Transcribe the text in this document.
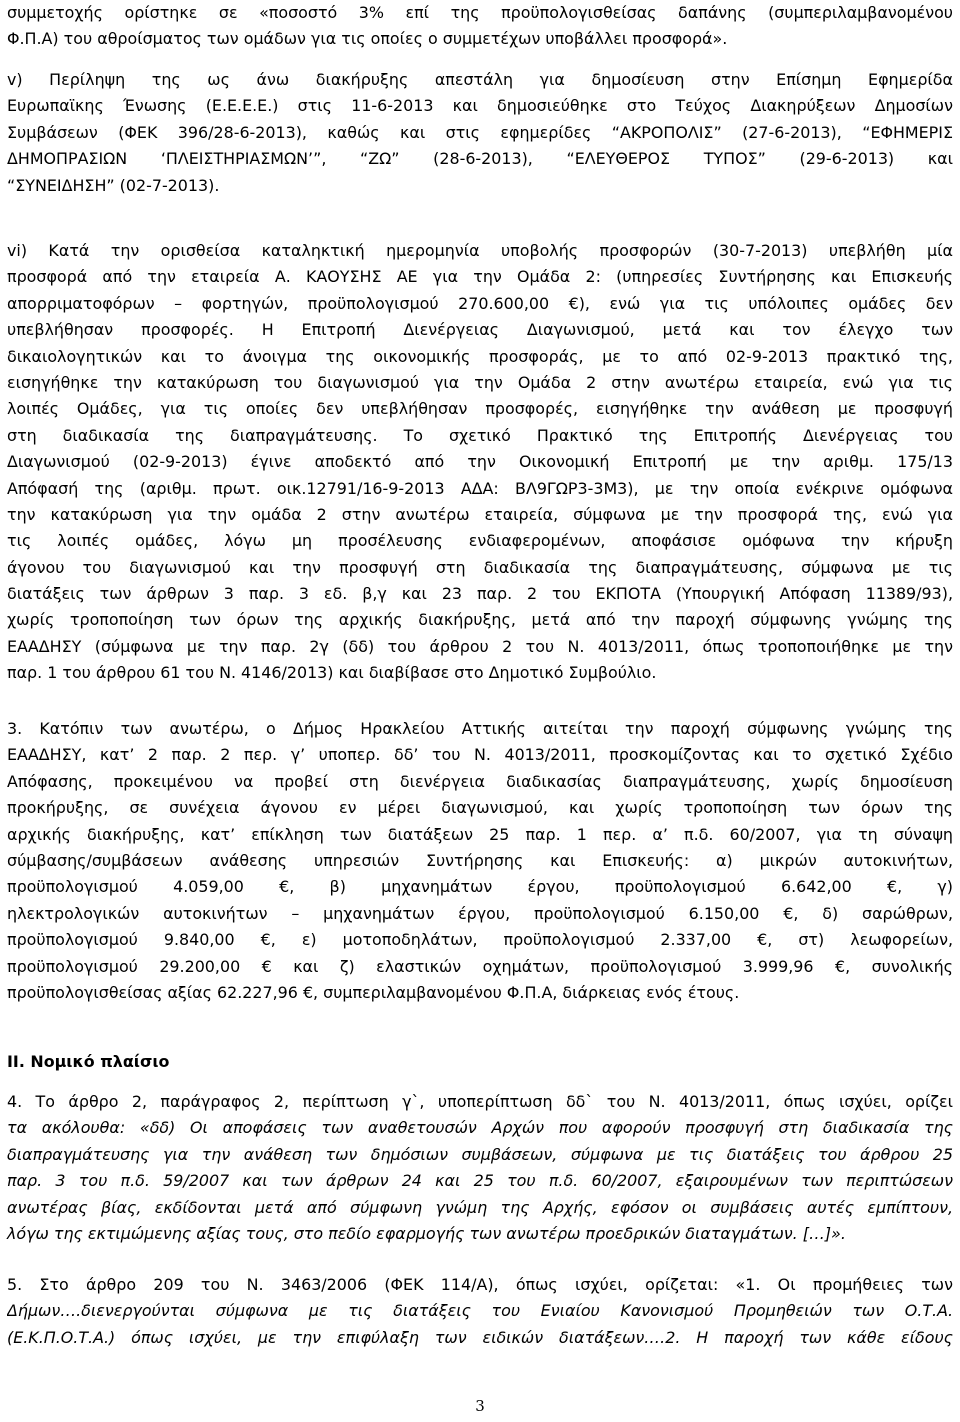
συμμετοχής ορίστηκε σε «ποσοστό 3% επί της προϋπολογισθείσας δαπάνης (συμπεριλαμβανομένου
Φ.Π.Α) του αθροίσματος των ομάδων για τις οποίες ο συμμετέχων υποβάλλει προσφορά».
v) Περίληψη της ως άνω διακήρυξης απεστάλη για δημοσίευση στην Επίσημη Εφημερίδα
Ευρωπαϊκης Ένωσης (Ε.Ε.Ε.Ε.) στις 11-6-2013 και δημοσιεύθηκε στο Τεύχος Διακηρύξεων Δημοσίων
Συμβάσεων (ΦΕΚ 396/28-6-2013), καθώς και στις εφημερίδες “ΑΚΡΟΠΟΛΙΣ” (27-6-2013), “ΕΦΗΜΕΡΙΣ
ΔΗΜΟΠΡΑΣΙΩΝ ‘ΠΛΕΙΣΤΗΡΙΑΣΜΩΝ’”, “ΖΩ” (28-6-2013), “ΕΛΕΥΘΕΡΟΣ ΤΥΠΟΣ” (29-6-2013) και
“ΣΥΝΕΙΔΗΣΗ” (02-7-2013).
vi) Κατά την ορισθείσα καταληκτική ημερομηνία υποβολής προσφορών (30-7-2013) υπεβλήθη μία
προσφορά από την εταιρεία Α. ΚΑΟΥΣΗΣ ΑΕ για την Ομάδα 2: (υπηρεσίες Συντήρησης και Επισκευής
απορριματοφόρων – φορτηγών, προϋπολογισμού 270.600,00 €), ενώ για τις υπόλοιπες ομάδες δεν
υπεβλήθησαν προσφορές. Η Επιτροπή Διενέργειας Διαγωνισμού, μετά και τον έλεγχο των
δικαιολογητικών και το άνοιγμα της οικονομικής προσφοράς, με το από 02-9-2013 πρακτικό της,
εισηγήθηκε την κατακύρωση του διαγωνισμού για την Ομάδα 2 στην ανωτέρω εταιρεία, ενώ για τις
λοιπές Ομάδες, για τις οποίες δεν υπεβλήθησαν προσφορές, εισηγήθηκε την ανάθεση με προσφυγή
στη διαδικασία της διαπραγμάτευσης. Το σχετικό Πρακτικό της Επιτροπής Διενέργειας του
Διαγωνισμού (02-9-2013) έγινε αποδεκτό από την Οικονομική Επιτροπή με την αριθμ. 175/13
Απόφασή της (αριθμ. πρωτ. οικ.12791/16-9-2013 ΑΔΑ: ΒΛ9ΓΩΡ3-3Μ3), με την οποία ενέκρινε ομόφωνα
την κατακύρωση για την ομάδα 2 στην ανωτέρω εταιρεία, σύμφωνα με την προσφορά της, ενώ για
τις λοιπές ομάδες, λόγω μη προσέλευσης ενδιαφερομένων, αποφάσισε ομόφωνα την κήρυξη
άγονου του διαγωνισμού και την προσφυγή στη διαδικασία της διαπραγμάτευσης, σύμφωνα με τις
διατάξεις των άρθρων 3 παρ. 3 εδ. β,γ και 23 παρ. 2 του ΕΚΠΟΤΑ (Υπουργική Απόφαση 11389/93),
χωρίς τροποποίηση των όρων της αρχικής διακήρυξης, μετά από την παροχή σύμφωνης γνώμης της
ΕΑΑΔΗΣΥ (σύμφωνα με την παρ. 2γ (δδ) του άρθρου 2 του Ν. 4013/2011, όπως τροποποιήθηκε με την
παρ. 1 του άρθρου 61 του Ν. 4146/2013) και διαβίβασε στο Δημοτικό Συμβούλιο.
3. Κατόπιν των ανωτέρω, ο Δήμος Ηρακλείου Αττικής αιτείται την παροχή σύμφωνης γνώμης της
ΕΑΑΔΗΣΥ, κατ’ 2 παρ. 2 περ. γ’ υποπερ. δδ’ του Ν. 4013/2011, προσκομίζοντας και το σχετικό Σχέδιο
Απόφασης, προκειμένου να προβεί στη διενέργεια διαδικασίας διαπραγμάτευσης, χωρίς δημοσίευση
προκήρυξης, σε συνέχεια άγονου εν μέρει διαγωνισμού, και χωρίς τροποποίηση των όρων της
αρχικής διακήρυξης, κατ’ επίκληση των διατάξεων 25 παρ. 1 περ. α’ π.δ. 60/2007, για τη σύναψη
σύμβασης/συμβάσεων ανάθεσης υπηρεσιών Συντήρησης και Επισκευής: α) μικρών αυτοκινήτων,
προϋπολογισμού 4.059,00 €, β) μηχανημάτων έργου, προϋπολογισμού 6.642,00 €, γ)
ηλεκτρολογικών αυτοκινήτων – μηχανημάτων έργου, προϋπολογισμού 6.150,00 €, δ) σαρώθρων,
προϋπολογισμού 9.840,00 €, ε) μοτοποδηλάτων, προϋπολογισμού 2.337,00 €, στ) λεωφορείων,
προϋπολογισμού 29.200,00 € και ζ) ελαστικών οχημάτων, προϋπολογισμού 3.999,96 €, συνολικής
προϋπολογισθείσας αξίας 62.227,96 €, συμπεριλαμβανομένου Φ.Π.Α, διάρκειας ενός έτους.
ΙΙ. Νομικό πλαίσιο
4. Το άρθρο 2, παράγραφος 2, περίπτωση γ`, υποπερίπτωση δδ` του Ν. 4013/2011, όπως ισχύει, ορίζει
τα ακόλουθα: «δδ) Οι αποφάσεις των αναθετουσών Αρχών που αφορούν προσφυγή στη διαδικασία της
διαπραγμάτευσης για την ανάθεση των δημόσιων συμβάσεων, σύμφωνα με τις διατάξεις του άρθρου 25
παρ. 3 του π.δ. 59/2007 και των άρθρων 24 και 25 του π.δ. 60/2007, εξαιρουμένων των περιπτώσεων
ανωτέρας βίας, εκδίδονται μετά από σύμφωνη γνώμη της Αρχής, εφόσον οι συμβάσεις αυτές εμπίπτουν,
λόγω της εκτιμώμενης αξίας τους, στο πεδίο εφαρμογής των ανωτέρω προεδρικών διαταγμάτων. […]».
5. Στο άρθρο 209 του Ν. 3463/2006 (ΦΕΚ 114/Α), όπως ισχύει, ορίζεται: «1. Οι προμήθειες των
Δήμων….διενεργούνται σύμφωνα με τις διατάξεις του Ενιαίου Κανονισμού Προμηθειών των Ο.Τ.Α.
(Ε.Κ.Π.Ο.Τ.Α.) όπως ισχύει, με την επιφύλαξη των ειδικών διατάξεων.…2. Η παροχή των κάθε είδους
3
